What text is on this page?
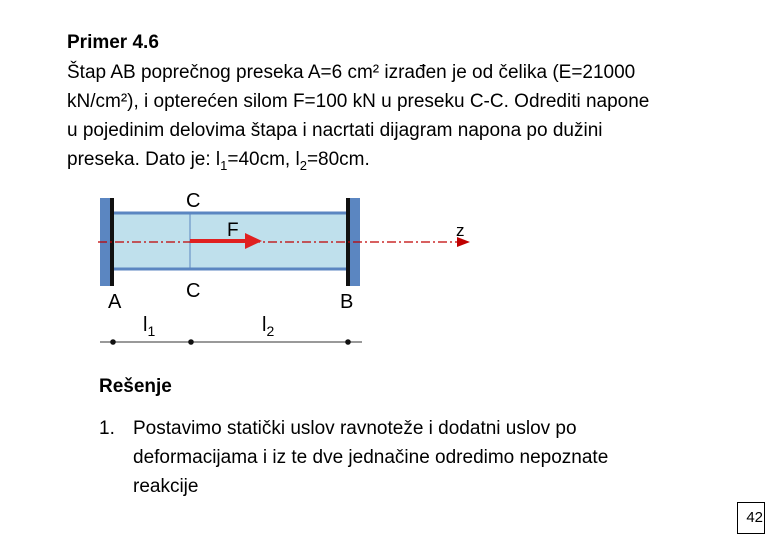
Primer 4.6

Štap AB poprečnog preseka A=6 cm² izrađen je od čelika (E=21000

kN/cm²), i opterećen silom F=100 kN u preseku C-C. Odrediti napone

u pojedinim delovima štapa i nacrtati dijagram napona po dužini

preseka. Dato je: $l_1=40cm$, $l_2=80cm$.

C
C
F	z
A	B
$l_1$	$l_2$
Rešenje
1. Postavimo statički uslov ravnoteže i dodatni uslov po
deformacijama i iz te dve jednačine odredimo nepoznate
reakcije
42
